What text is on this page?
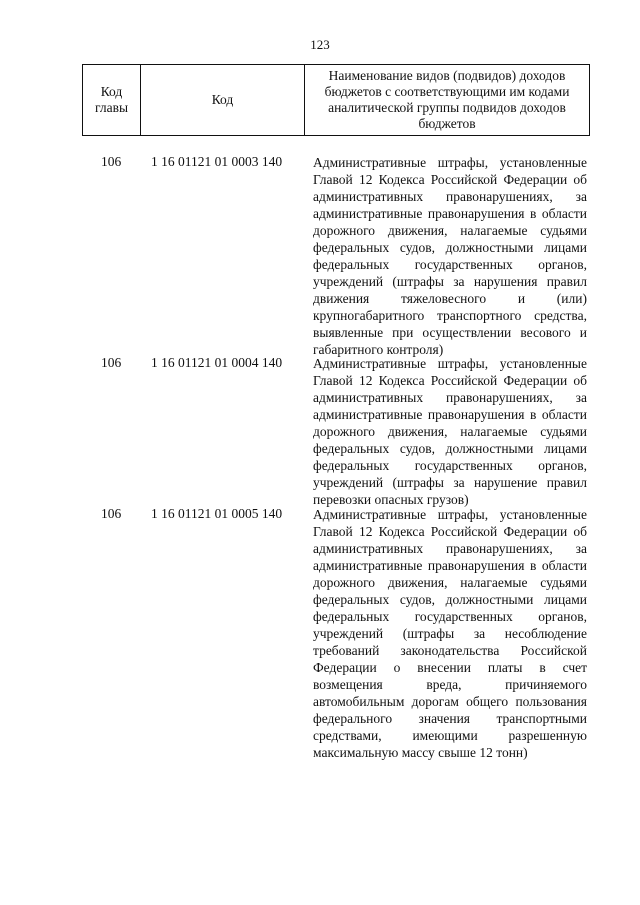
123
Код главы	Код	Наименование видов (подвидов) доходов бюджетов с соответствующими им кодами аналитической группы подвидов доходов бюджетов
106	1 16 01121 01 0003 140 Административные штрафы, установленные Главой 12 Кодекса Российской Федерации об административных правонарушениях, за административные правонарушения в области дорожного движения, налагаемые судьями федеральных судов, должностными лицами федеральных государственных органов, учреждений (штрафы за нарушения правил движения тяжеловесного и (или) крупногабаритного транспортного средства, выявленные при осуществлении весового и габаритного контроля)
106	1 16 01121 01 0004 140 Административные штрафы, установленные Главой 12 Кодекса Российской Федерации об административных правонарушениях, за административные правонарушения в области дорожного движения, налагаемые судьями федеральных судов, должностными лицами федеральных государственных органов, учреждений (штрафы за нарушение правил перевозки опасных грузов)
106	1 16 01121 01 0005 140 Административные штрафы, установленные Главой 12 Кодекса Российской Федерации об административных правонарушениях, за административные правонарушения в области дорожного движения, налагаемые судьями федеральных судов, должностными лицами федеральных государственных органов, учреждений (штрафы за несоблюдение требований законодательства Российской Федерации о внесении платы в счет возмещения вреда, причиняемого автомобильным дорогам общего пользования федерального значения транспортными средствами, имеющими разрешенную максимальную массу свыше 12 тонн)
